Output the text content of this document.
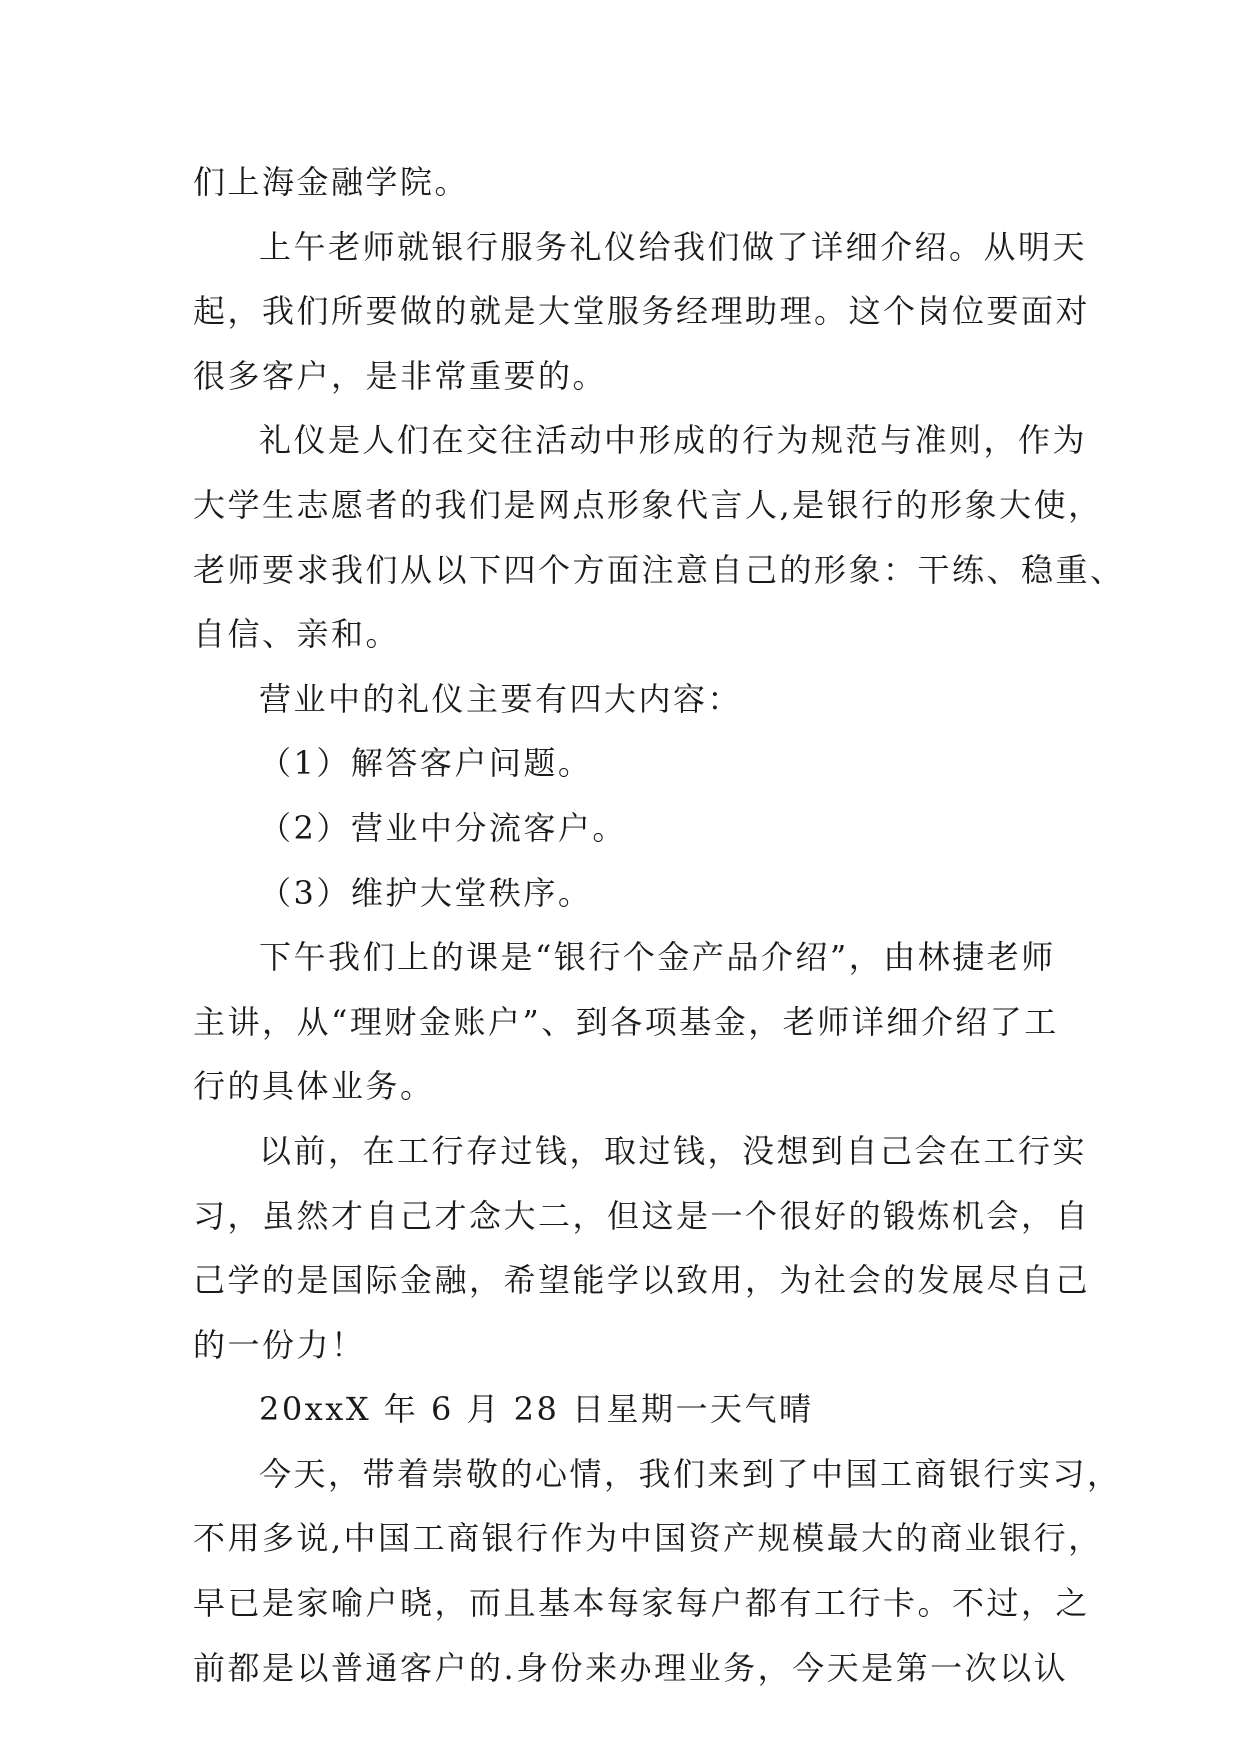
们上海金融学院。
上午老师就银行服务礼仪给我们做了详细介绍。从明天
起，我们所要做的就是大堂服务经理助理。这个岗位要面对
很多客户，是非常重要的。
礼仪是人们在交往活动中形成的行为规范与准则，作为
大学生志愿者的我们是网点形象代言人,是银行的形象大使，
老师要求我们从以下四个方面注意自己的形象：干练、稳重、
自信、亲和。
营业中的礼仪主要有四大内容：
（1）解答客户问题。
（2）营业中分流客户。
（3）维护大堂秩序。
下午我们上的课是“银行个金产品介绍”，由林捷老师
主讲，从“理财金账户”、到各项基金，老师详细介绍了工
行的具体业务。
以前，在工行存过钱，取过钱，没想到自己会在工行实
习，虽然才自己才念大二，但这是一个很好的锻炼机会，自
己学的是国际金融，希望能学以致用，为社会的发展尽自己
的一份力！
20xxX 年 6 月 28 日星期一天气晴
今天，带着崇敬的心情，我们来到了中国工商银行实习，
不用多说,中国工商银行作为中国资产规模最大的商业银行，
早已是家喻户晓，而且基本每家每户都有工行卡。不过，之
前都是以普通客户的.身份来办理业务，今天是第一次以认
